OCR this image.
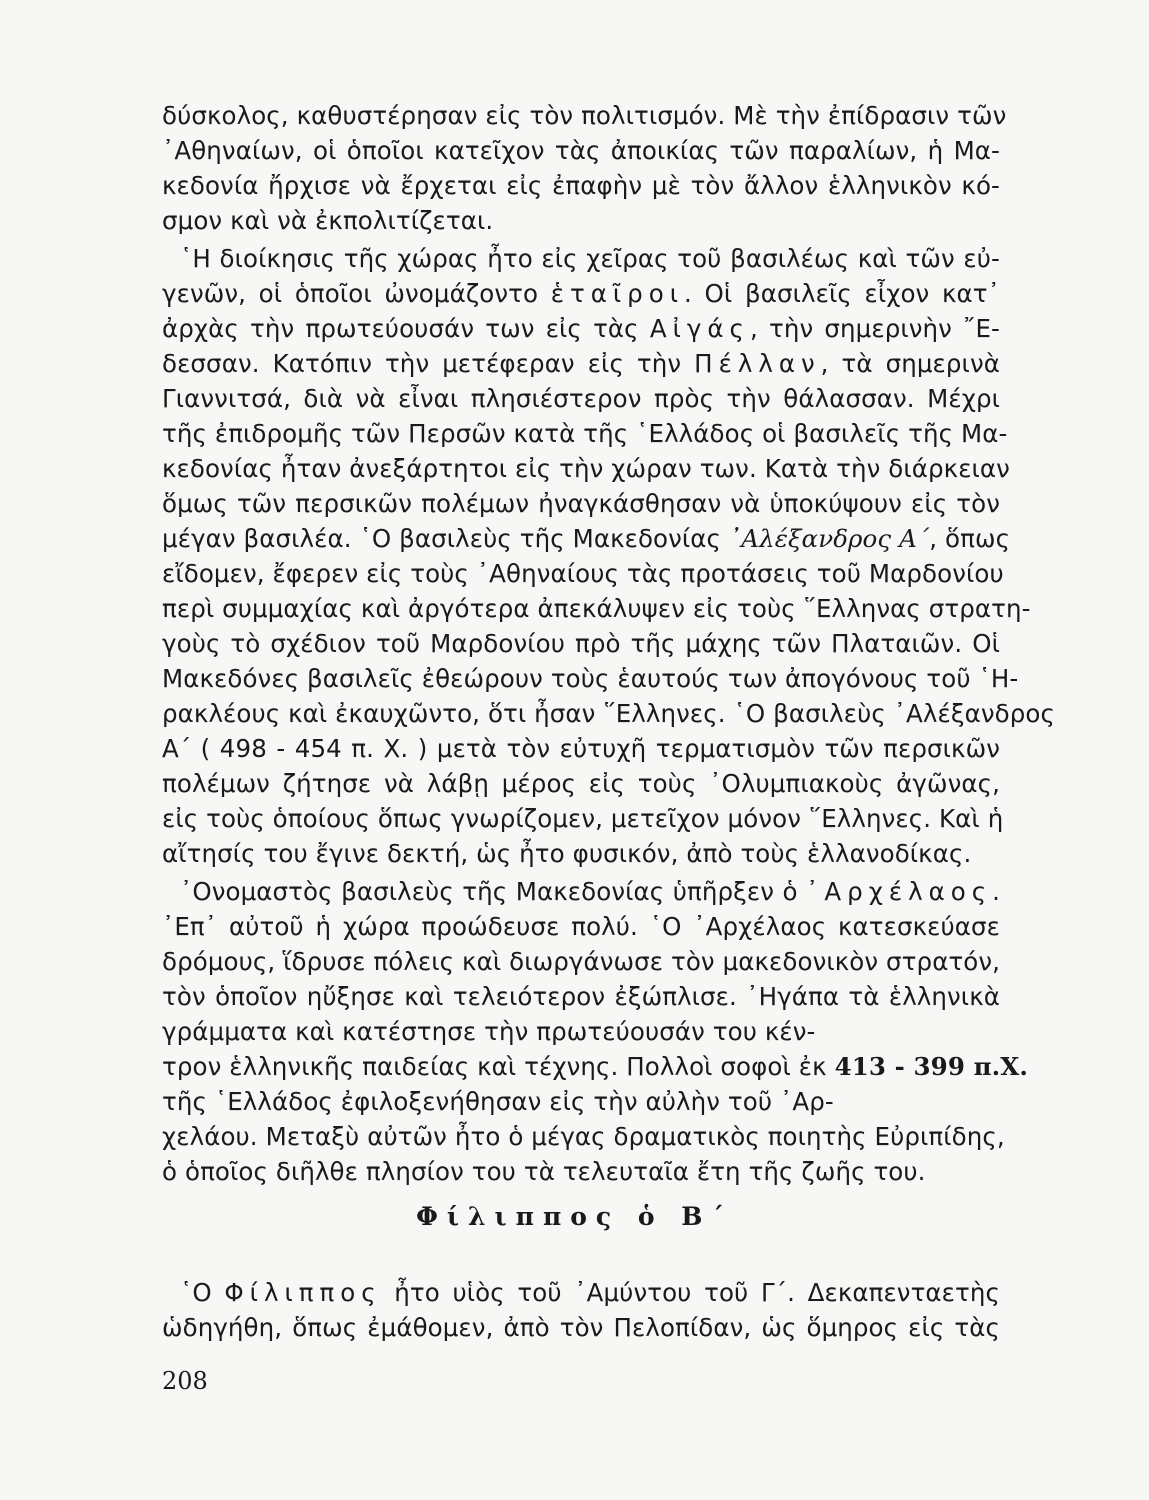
δύσκολος, καθυστέρησαν εἰς τὸν πολιτισμόν. Μὲ τὴν ἐπίδρασιν τῶν
᾿Αθηναίων, οἱ ὁποῖοι κατεῖχον τὰς ἀποικίας τῶν παραλίων, ἡ Μα-
κεδονία ἤρχισε νὰ ἔρχεται εἰς ἐπαφὴν μὲ τὸν ἄλλον ἑλληνικὸν κό-
σμον καὶ νὰ ἐκπολιτίζεται.
῾Η διοίκησις τῆς χώρας ἦτο εἰς χεῖρας τοῦ βασιλέως καὶ τῶν εὐ-
γενῶν, οἱ ὁποῖοι ὠνομάζοντο ἑταῖροι. Οἱ βασιλεῖς εἶχον κατ᾿
ἀρχὰς τὴν πρωτεύουσάν των εἰς τὰς Αἰγάς, τὴν σημερινὴν ῎Ε-
δεσσαν. Κατόπιν τὴν μετέφεραν εἰς τὴν Πέλλαν, τὰ σημερινὰ
Γιαννιτσά, διὰ νὰ εἶναι πλησιέστερον πρὸς τὴν θάλασσαν. Μέχρι
τῆς ἐπιδρομῆς τῶν Περσῶν κατὰ τῆς ῾Ελλάδος οἱ βασιλεῖς τῆς Μα-
κεδονίας ἦταν ἀνεξάρτητοι εἰς τὴν χώραν των. Κατὰ τὴν διάρκειαν
ὅμως τῶν περσικῶν πολέμων ἠναγκάσθησαν νὰ ὑποκύψουν εἰς τὸν
μέγαν βασιλέα. ῾Ο βασιλεὺς τῆς Μακεδονίας ᾿Αλέξανδρος Α΄, ὅπως
εἴδομεν, ἔφερεν εἰς τοὺς ᾿Αθηναίους τὰς προτάσεις τοῦ Μαρδονίου
περὶ συμμαχίας καὶ ἀργότερα ἀπεκάλυψεν εἰς τοὺς ῞Ελληνας στρατη-
γοὺς τὸ σχέδιον τοῦ Μαρδονίου πρὸ τῆς μάχης τῶν Πλαταιῶν. Οἱ
Μακεδόνες βασιλεῖς ἐθεώρουν τοὺς ἑαυτούς των ἀπογόνους τοῦ ῾Η-
ρακλέους καὶ ἐκαυχῶντο, ὅτι ἦσαν ῞Ελληνες. ῾Ο βασιλεὺς ᾿Αλέξανδρος
Α΄ ( 498 - 454 π. Χ. ) μετὰ τὸν εὐτυχῆ τερματισμὸν τῶν περσικῶν
πολέμων ζήτησε νὰ λάβῃ μέρος εἰς τοὺς ᾿Ολυμπιακοὺς ἀγῶνας,
εἰς τοὺς ὁποίους ὅπως γνωρίζομεν, μετεῖχον μόνον ῞Ελληνες. Καὶ ἡ
αἴτησίς του ἔγινε δεκτή, ὡς ἦτο φυσικόν, ἀπὸ τοὺς ἑλλανοδίκας.
᾿Ονομαστὸς βασιλεὺς τῆς Μακεδονίας ὑπῆρξεν ὁ ᾿Αρχέλαος.
᾿Επ᾿ αὐτοῦ ἡ χώρα προώδευσε πολύ. ῾Ο ᾿Αρχέλαος κατεσκεύασε
δρόμους, ἵδρυσε πόλεις καὶ διωργάνωσε τὸν μακεδονικὸν στρατόν,
τὸν ὁποῖον ηὔξησε καὶ τελειότερον ἐξώπλισε. ᾿Ηγάπα τὰ ἑλληνικὰ
γράμματα καὶ κατέστησε τὴν πρωτεύουσάν του κέν-
τρον ἑλληνικῆς παιδείας καὶ τέχνης. Πολλοὶ σοφοὶ ἐκ 413 - 399 π.Χ.
τῆς ῾Ελλάδος ἐφιλοξενήθησαν εἰς τὴν αὐλὴν τοῦ ᾿Αρ-
χελάου. Μεταξὺ αὐτῶν ἦτο ὁ μέγας δραματικὸς ποιητὴς Εὐριπίδης,
ὁ ὁποῖος διῆλθε πλησίον του τὰ τελευταῖα ἔτη τῆς ζωῆς του.
Φίλιππος ὁ Β΄
῾Ο Φίλιππος ἦτο υἱὸς τοῦ ᾿Αμύντου τοῦ Γ΄. Δεκαπενταετὴς
ὡδηγήθη, ὅπως ἐμάθομεν, ἀπὸ τὸν Πελοπίδαν, ὡς ὅμηρος εἰς τὰς
208
